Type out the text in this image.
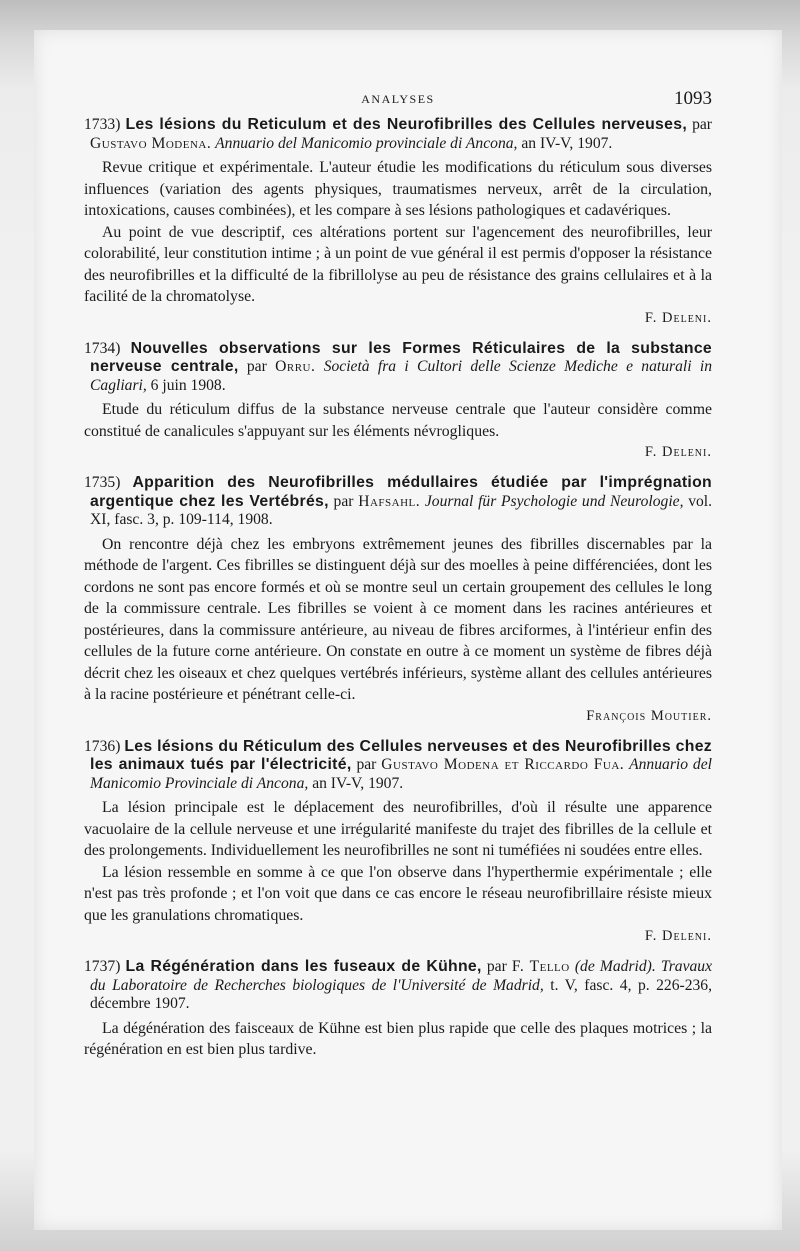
ANALYSES	1093

1733) Les lésions du Reticulum et des Neurofibrilles des Cellules nerveuses, par Gustavo Modena. Annuario del Manicomio provinciale di Ancona, an IV-V, 1907.

Revue critique et expérimentale. L'auteur étudie les modifications du réticulum sous diverses influences (variation des agents physiques, traumatismes nerveux, arrêt de la circulation, intoxications, causes combinées), et les compare à ses lésions pathologiques et cadavériques.

Au point de vue descriptif, ces altérations portent sur l'agencement des neurofibrilles, leur colorabilité, leur constitution intime ; à un point de vue général il est permis d'opposer la résistance des neurofibrilles et la difficulté de la fibrillolyse au peu de résistance des grains cellulaires et à la facilité de la chromatolyse.

F. Deleni.

1734) Nouvelles observations sur les Formes Réticulaires de la substance nerveuse centrale, par Orru. Società fra i Cultori delle Scienze Mediche e naturali in Cagliari, 6 juin 1908.

Etude du réticulum diffus de la substance nerveuse centrale que l'auteur considère comme constitué de canalicules s'appuyant sur les éléments névrogliques.

F. Deleni.

1735) Apparition des Neurofibrilles médullaires étudiée par l'imprégnation argentique chez les Vertébrés, par Hafsahl. Journal für Psychologie und Neurologie, vol. XI, fasc. 3, p. 109-114, 1908.

On rencontre déjà chez les embryons extrêmement jeunes des fibrilles discernables par la méthode de l'argent. Ces fibrilles se distinguent déjà sur des moelles à peine différenciées, dont les cordons ne sont pas encore formés et où se montre seul un certain groupement des cellules le long de la commissure centrale. Les fibrilles se voient à ce moment dans les racines antérieures et postérieures, dans la commissure antérieure, au niveau de fibres arciformes, à l'intérieur enfin des cellules de la future corne antérieure. On constate en outre à ce moment un système de fibres déjà décrit chez les oiseaux et chez quelques vertébrés inférieurs, système allant des cellules antérieures à la racine postérieure et pénétrant celle-ci.

François Moutier.

1736) Les lésions du Réticulum des Cellules nerveuses et des Neurofibrilles chez les animaux tués par l'électricité, par Gustavo Modena et Riccardo Fua. Annuario del Manicomio Provinciale di Ancona, an IV-V, 1907.

La lésion principale est le déplacement des neurofibrilles, d'où il résulte une apparence vacuolaire de la cellule nerveuse et une irrégularité manifeste du trajet des fibrilles de la cellule et des prolongements. Individuellement les neurofibrilles ne sont ni tuméfiées ni soudées entre elles.

La lésion ressemble en somme à ce que l'on observe dans l'hyperthermie expérimentale ; elle n'est pas très profonde ; et l'on voit que dans ce cas encore le réseau neurofibrillaire résiste mieux que les granulations chromatiques.

F. Deleni.

1737) La Régénération dans les fuseaux de Kühne, par F. Tello (de Madrid). Travaux du Laboratoire de Recherches biologiques de l'Université de Madrid, t. V, fasc. 4, p. 226-236, décembre 1907.

La dégénération des faisceaux de Kühne est bien plus rapide que celle des plaques motrices ; la régénération en est bien plus tardive.
